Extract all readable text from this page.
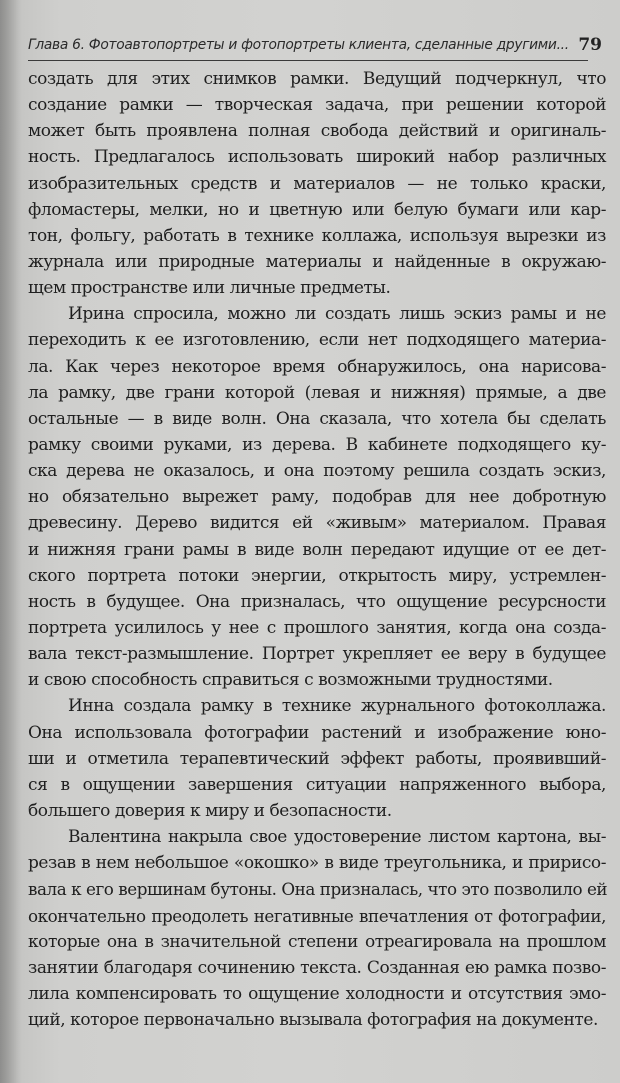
Глава 6. Фотоавтопортреты и фотопортреты клиента, сделанные другими... 79
создать для этих снимков рамки. Ведущий подчеркнул, что
создание рамки — творческая задача, при решении которой
может быть проявлена полная свобода действий и оригиналь-
ность. Предлагалось использовать широкий набор различных
изобразительных средств и материалов — не только краски,
фломастеры, мелки, но и цветную или белую бумаги или кар-
тон, фольгу, работать в технике коллажа, используя вырезки из
журнала или природные материалы и найденные в окружаю-
щем пространстве или личные предметы.
Ирина спросила, можно ли создать лишь эскиз рамы и не
переходить к ее изготовлению, если нет подходящего материа-
ла. Как через некоторое время обнаружилось, она нарисова-
ла рамку, две грани которой (левая и нижняя) прямые, а две
остальные — в виде волн. Она сказала, что хотела бы сделать
рамку своими руками, из дерева. В кабинете подходящего ку-
ска дерева не оказалось, и она поэтому решила создать эскиз,
но обязательно вырежет раму, подобрав для нее добротную
древесину. Дерево видится ей «живым» материалом. Правая
и нижняя грани рамы в виде волн передают идущие от ее дет-
ского портрета потоки энергии, открытость миру, устремлен-
ность в будущее. Она призналась, что ощущение ресурсности
портрета усилилось у нее с прошлого занятия, когда она созда-
вала текст-размышление. Портрет укрепляет ее веру в будущее
и свою способность справиться с возможными трудностями.
Инна создала рамку в технике журнального фотоколлажа.
Она использовала фотографии растений и изображение юно-
ши и отметила терапевтический эффект работы, проявивший-
ся в ощущении завершения ситуации напряженного выбора,
большего доверия к миру и безопасности.
Валентина накрыла свое удостоверение листом картона, вы-
резав в нем небольшое «окошко» в виде треугольника, и пририсо-
вала к его вершинам бутоны. Она призналась, что это позволило ей
окончательно преодолеть негативные впечатления от фотографии,
которые она в значительной степени отреагировала на прошлом
занятии благодаря сочинению текста. Созданная ею рамка позво-
лила компенсировать то ощущение холодности и отсутствия эмо-
ций, которое первоначально вызывала фотография на документе.
